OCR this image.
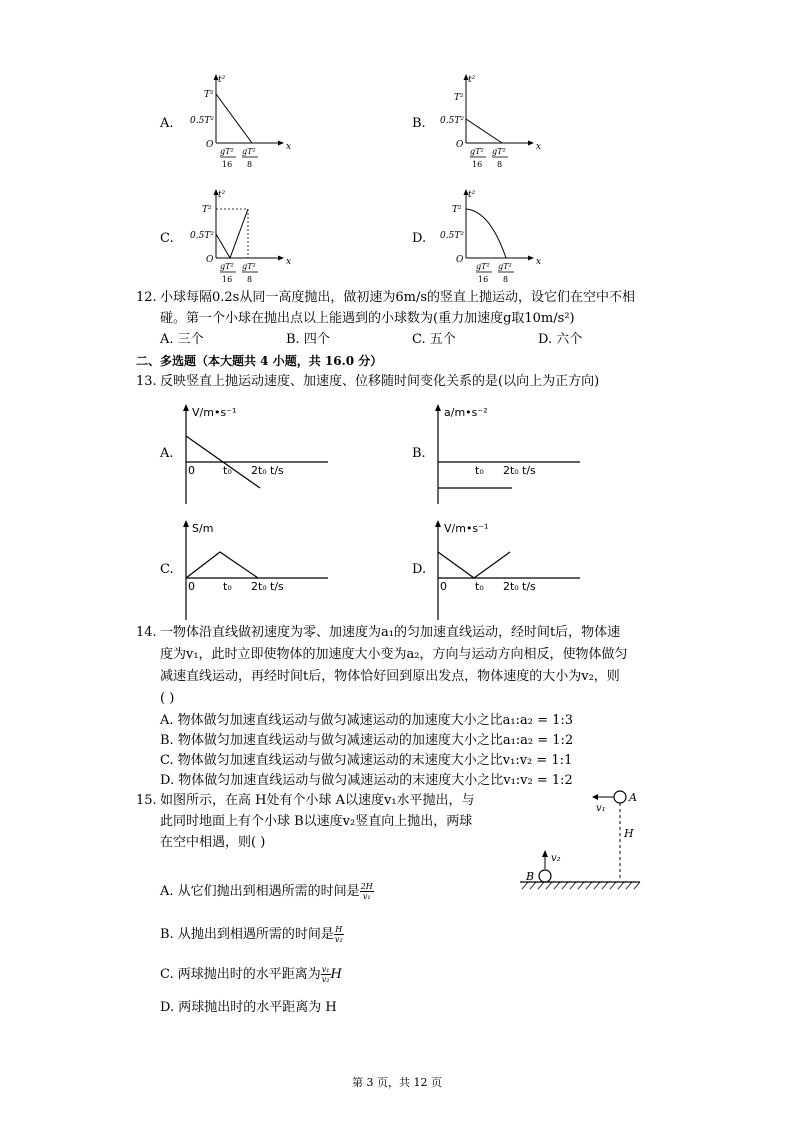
A.
t²
x
T²
0.5T²
O
gT²
16
gT²
8
B.
t²
x
T²
0.5T²
O
gT²
16
gT²
8
C.
t²
x
T²
0.5T²
O
gT²
16
gT²
8
D.
t²
x
T²
0.5T²
O
gT²
16
gT²
8
12. 小球每隔0.2s从同一高度抛出，做初速为6m/s的竖直上抛运动，设它们在空中不相
碰。第一个小球在抛出点以上能遇到的小球数为(重力加速度g取10m/s²)
A. 三个	B. 四个	C. 五个	D. 六个
二、多选题（本大题共 4 小题，共 16.0 分）
13. 反映竖直上抛运动速度、加速度、位移随时间变化关系的是(以向上为正方向)
A.
V/m•s⁻¹
0	t₀ 2t₀ t/s
B.
a/m•s⁻²
t₀ 2t₀ t/s
C.
S/m
0	t₀ 2t₀ t/s
D.
V/m•s⁻¹
0	t₀ 2t₀ t/s
14. 一物体沿直线做初速度为零、加速度为a₁的匀加速直线运动，经时间t后，物体速
度为v₁，此时立即使物体的加速度大小变为a₂，方向与运动方向相反，使物体做匀
减速直线运动，再经时间t后，物体恰好回到原出发点，物体速度的大小为v₂，则
( )
A. 物体做匀加速直线运动与做匀减速运动的加速度大小之比a₁:a₂ = 1:3
B. 物体做匀加速直线运动与做匀减速运动的加速度大小之比a₁:a₂ = 1:2
C. 物体做匀加速直线运动与做匀减速运动的末速度大小之比v₁:v₂ = 1:1
D. 物体做匀加速直线运动与做匀减速运动的末速度大小之比v₁:v₂ = 1:2
15. 如图所示，在高 H处有个小球 A以速度v₁水平抛出，与
此同时地面上有个小球 B以速度v₂竖直向上抛出，两球
在空中相遇，则( )
A
v₁
H
B
v₂
A. 从它们抛出到相遇所需的时间是 $\frac{2H}{\text{v₁}}$
B. 从抛出到相遇所需的时间是 $\frac{H}{\text{v₂}}$
C. 两球抛出时的水平距离为 $\frac{\text{v₁}}{\text{v₂}}$ H
D. 两球抛出时的水平距离为 H
第 3 页，共 12 页
